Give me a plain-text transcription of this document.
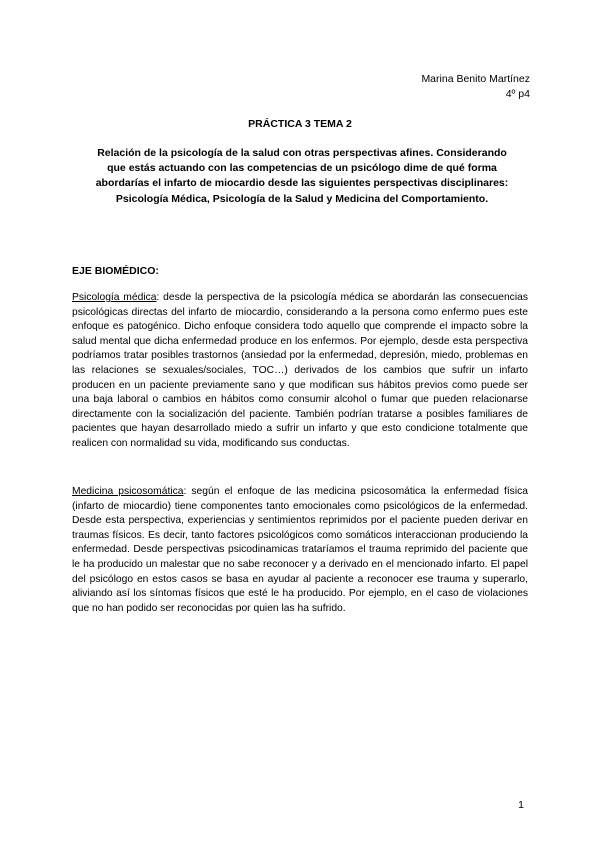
Marina Benito Martínez
4º p4
PRÁCTICA 3 TEMA 2
Relación de la psicología de la salud con otras perspectivas afines. Considerando que estás actuando con las competencias de un psicólogo dime de qué forma abordarías el infarto de miocardio desde las siguientes perspectivas disciplinares: Psicología Médica, Psicología de la Salud y Medicina del Comportamiento.
EJE BIOMÉDICO:

Psicología médica: desde la perspectiva de la psicología médica se abordarán las consecuencias psicológicas directas del infarto de miocardio, considerando a la persona como enfermo pues este enfoque es patogénico. Dicho enfoque considera todo aquello que comprende el impacto sobre la salud mental que dicha enfermedad produce en los enfermos. Por ejemplo, desde esta perspectiva podríamos tratar posibles trastornos (ansiedad por la enfermedad, depresión, miedo, problemas en las relaciones se sexuales/sociales, TOC…) derivados de los cambios que sufrir un infarto producen en un paciente previamente sano y que modifican sus hábitos previos como puede ser una baja laboral o cambios en hábitos como consumir alcohol o fumar que pueden relacionarse directamente con la socialización del paciente. También podrían tratarse a posibles familiares de pacientes que hayan desarrollado miedo a sufrir un infarto y que esto condicione totalmente que realicen con normalidad su vida, modificando sus conductas.

Medicina psicosomática: según el enfoque de las medicina psicosomática la enfermedad física (infarto de miocardio) tiene componentes tanto emocionales como psicológicos de la enfermedad. Desde esta perspectiva, experiencias y sentimientos reprimidos por el paciente pueden derivar en traumas físicos. Es decir, tanto factores psicológicos como somáticos interaccionan produciendo la enfermedad. Desde perspectivas psicodinamicas trataríamos el trauma reprimido del paciente que le ha producido un malestar que no sabe reconocer y a derivado en el mencionado infarto. El papel del psicólogo en estos casos se basa en ayudar al paciente a reconocer ese trauma y superarlo, aliviando así los síntomas físicos que esté le ha producido. Por ejemplo, en el caso de violaciones que no han podido ser reconocidas por quien las ha sufrido.

1
